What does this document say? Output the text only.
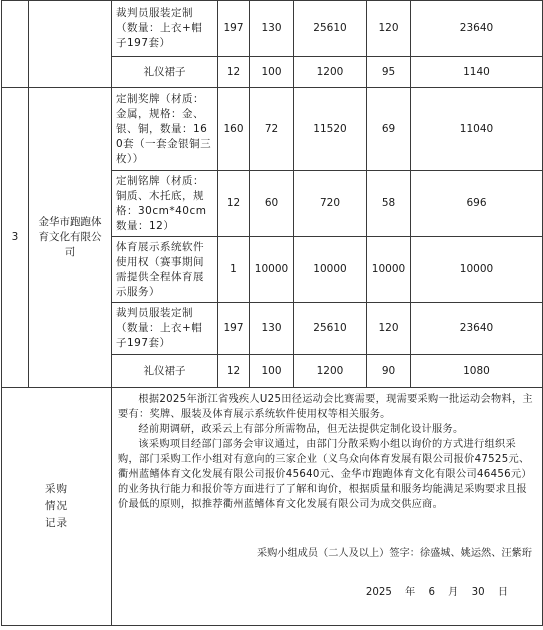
		裁判员服装定制（数量：上衣+帽子197套）	197	130	25610	120	23640
		礼仪裙子	12	100	1200	95	1140
3	金华市跑跑体育文化有限公司	定制奖牌（材质：金属，规格：金、银、铜，数量：160套（一套金银铜三枚））	160	72	11520	69	11040
		定制铭牌（材质：铜质、木托底，规格：30cm*40cm 数量：12）	12	60	720	58	696
		体育展示系统软件使用权（赛事期间需提供全程体育展示服务）	1	10000	10000	10000	10000
		裁判员服装定制（数量：上衣+帽子197套）	197	130	25610	120	23640
		礼仪裙子	12	100	1200	90	1080

采购情况记录		根据2025年浙江省残疾人U25田径运动会比赛需要，现需要采购一批运动会物料，主要有：奖牌、服装及体育展示系统软件使用权等相关服务。

经前期调研，政采云上有部分所需物品，但无法提供定制化设计服务。

该采购项目经部门部务会审议通过，由部门分散采购小组以询价的方式进行组织采购，部门采购工作小组对有意向的三家企业（义乌众向体育发展有限公司报价47525元、衢州蓝鳍体育文化发展有限公司报价45640元、金华市跑跑体育文化有限公司46456元）的业务执行能力和报价等方面进行了了解和询价，根据质量和服务均能满足采购要求且报价最低的原则，拟推荐衢州蓝鳍体育文化发展有限公司为成交供应商。

采购小组成员（二人及以上）签字：徐盛城、姚运然、汪紫珩

2025 年 6 月 30 日					
